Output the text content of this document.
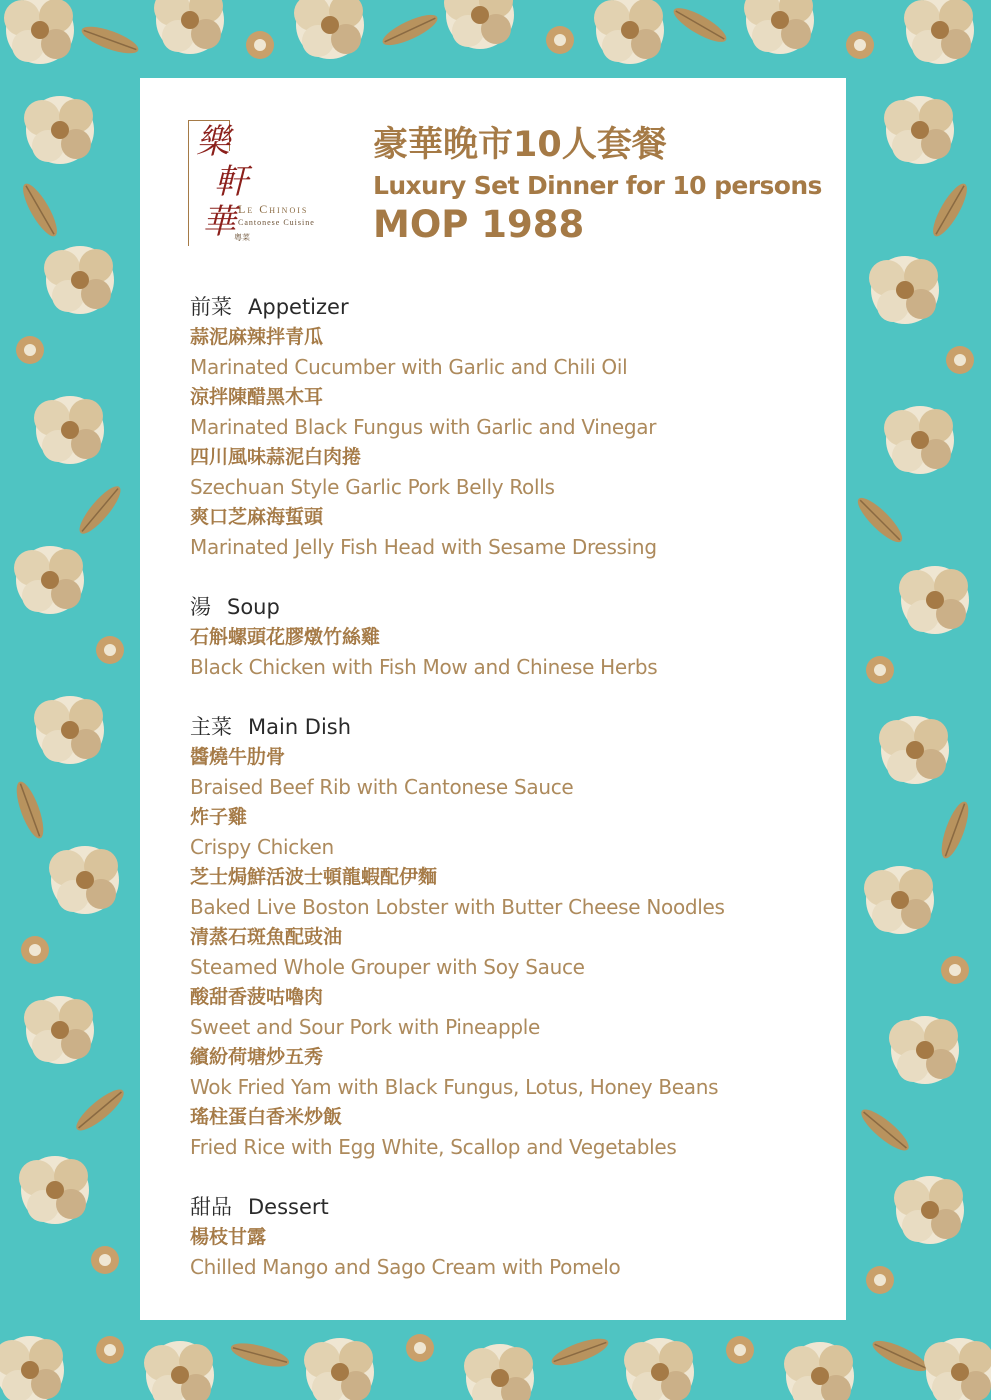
樂
軒
華 Le Chinois
Cantonese Cuisine
粵菜
豪華晚市10人套餐
Luxury Set Dinner for 10 persons
MOP 1988
前菜 Appetizer
蒜泥麻辣拌青瓜
Marinated Cucumber with Garlic and Chili Oil
涼拌陳醋黑木耳
Marinated Black Fungus with Garlic and Vinegar
四川風味蒜泥白肉捲
Szechuan Style Garlic Pork Belly Rolls
爽口芝麻海蜇頭
Marinated Jelly Fish Head with Sesame Dressing
湯 Soup
石斛螺頭花膠燉竹絲雞
Black Chicken with Fish Mow and Chinese Herbs
主菜 Main Dish
醬燒牛肋骨
Braised Beef Rib with Cantonese Sauce
炸子雞
Crispy Chicken
芝士焗鮮活波士頓龍蝦配伊麵
Baked Live Boston Lobster with Butter Cheese Noodles
清蒸石斑魚配豉油
Steamed Whole Grouper with Soy Sauce
酸甜香菠咕嚕肉
Sweet and Sour Pork with Pineapple
繽紛荷塘炒五秀
Wok Fried Yam with Black Fungus, Lotus, Honey Beans
瑤柱蛋白香米炒飯
Fried Rice with Egg White, Scallop and Vegetables
甜品 Dessert
楊枝甘露
Chilled Mango and Sago Cream with Pomelo
